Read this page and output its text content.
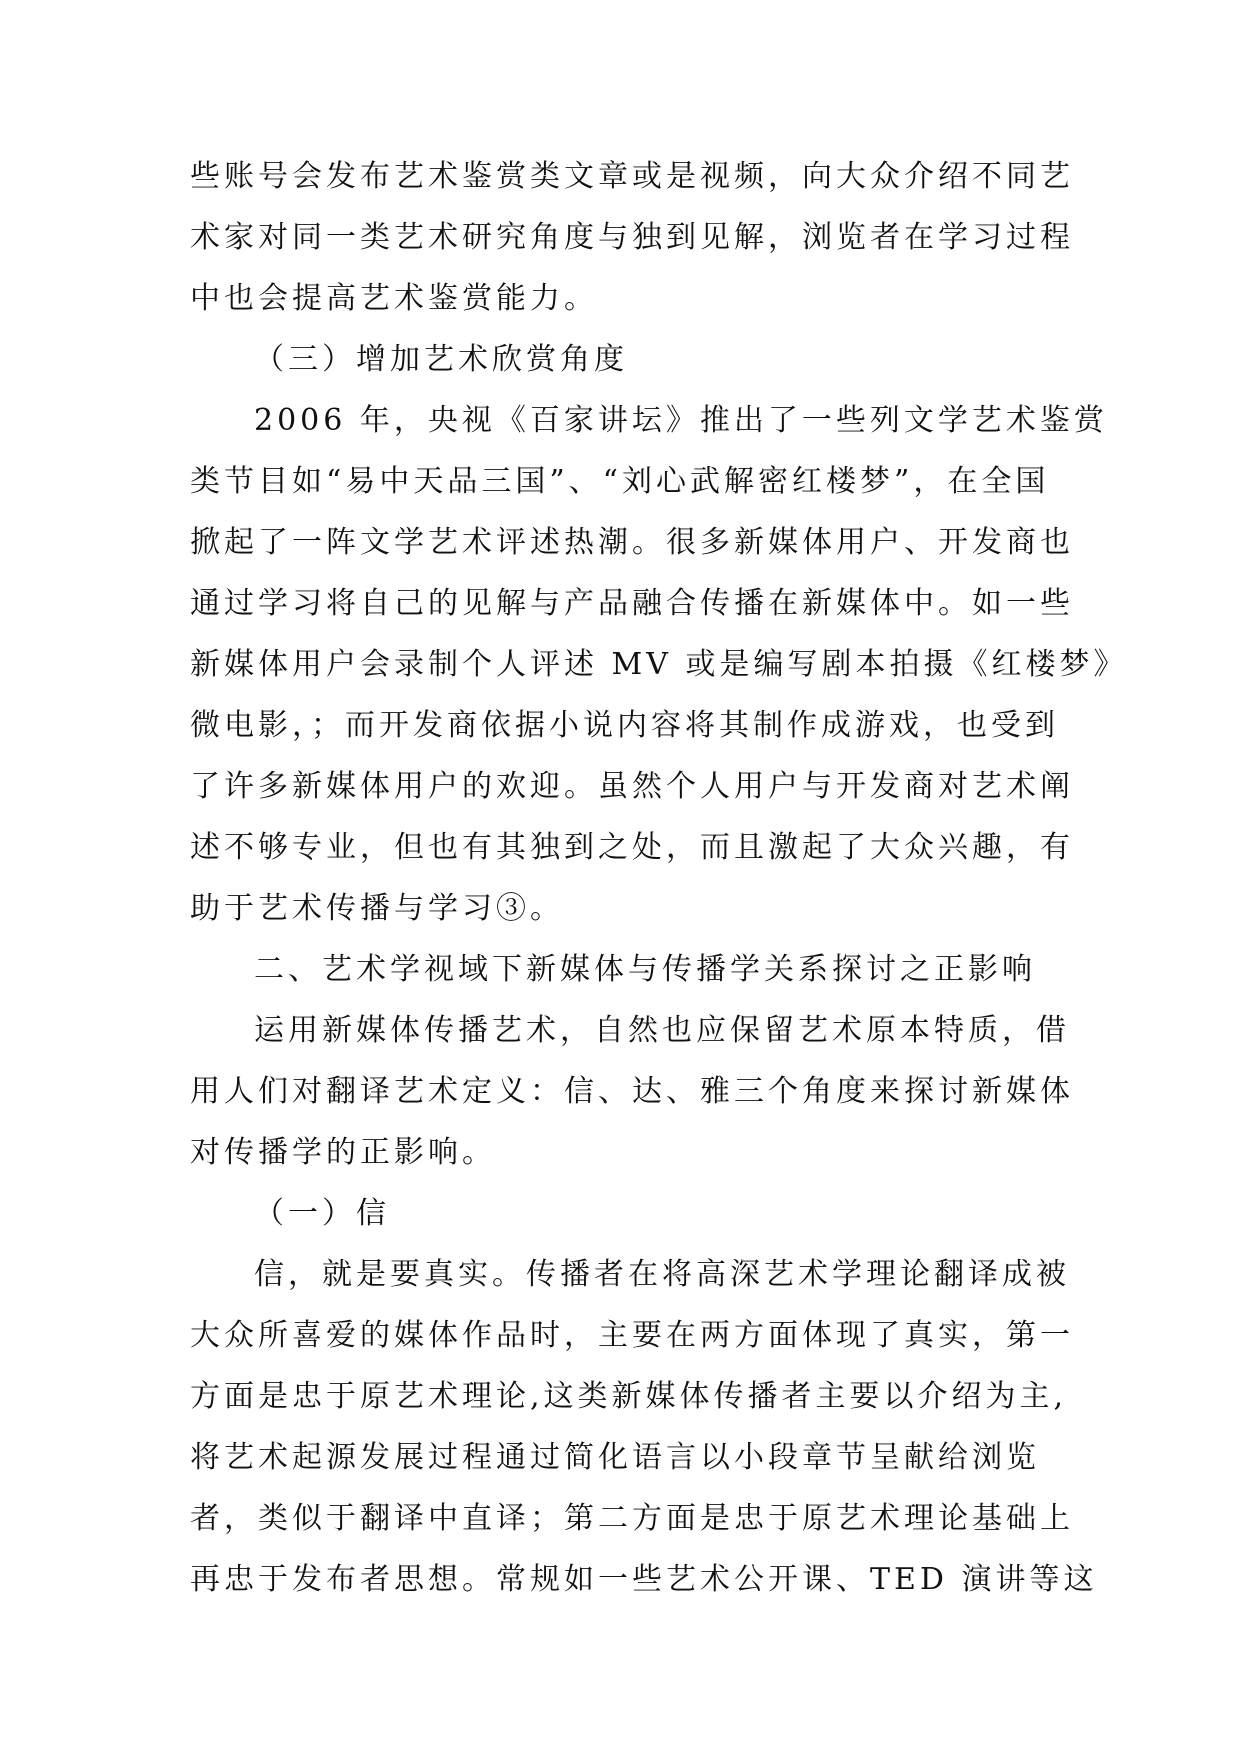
些账号会发布艺术鉴赏类文章或是视频，向大众介绍不同艺
术家对同一类艺术研究角度与独到见解，浏览者在学习过程
中也会提高艺术鉴赏能力。
（三）增加艺术欣赏角度
2006 年，央视《百家讲坛》推出了一些列文学艺术鉴赏
类节目如“易中天品三国”、“刘心武解密红楼梦”，在全国
掀起了一阵文学艺术评述热潮。很多新媒体用户、开发商也
通过学习将自己的见解与产品融合传播在新媒体中。如一些
新媒体用户会录制个人评述 MV 或是编写剧本拍摄《红楼梦》
微电影，；而开发商依据小说内容将其制作成游戏，也受到
了许多新媒体用户的欢迎。虽然个人用户与开发商对艺术阐
述不够专业，但也有其独到之处，而且激起了大众兴趣，有
助于艺术传播与学习③。
二、艺术学视域下新媒体与传播学关系探讨之正影响
运用新媒体传播艺术，自然也应保留艺术原本特质，借
用人们对翻译艺术定义：信、达、雅三个角度来探讨新媒体
对传播学的正影响。
（一）信
信，就是要真实。传播者在将高深艺术学理论翻译成被
大众所喜爱的媒体作品时，主要在两方面体现了真实，第一
方面是忠于原艺术理论,这类新媒体传播者主要以介绍为主,
将艺术起源发展过程通过简化语言以小段章节呈献给浏览
者，类似于翻译中直译；第二方面是忠于原艺术理论基础上
再忠于发布者思想。常规如一些艺术公开课、TED 演讲等这
